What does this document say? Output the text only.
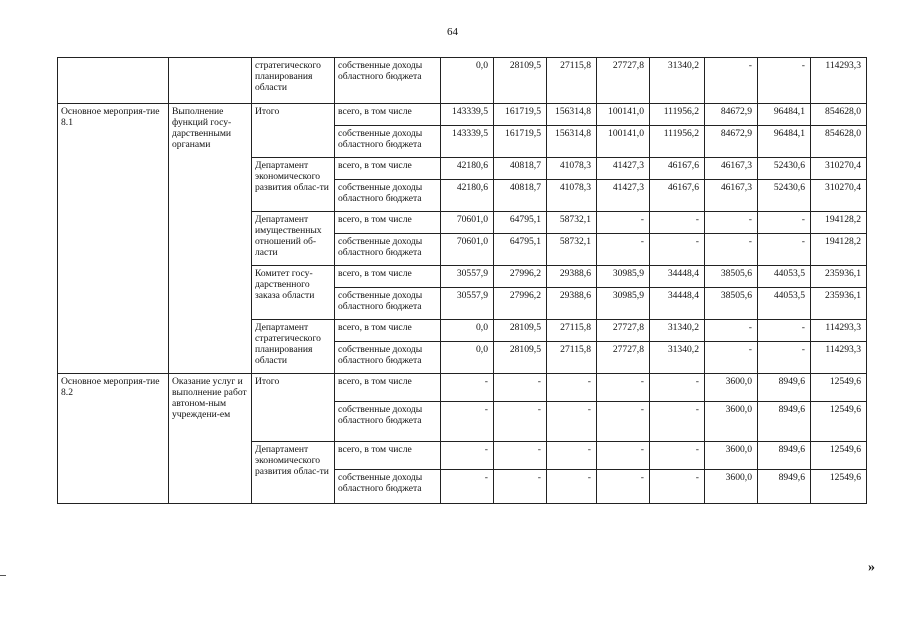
64
		стратегического планирования области	собственные доходы областного бюджета	0,0	28109,5	27115,8	27727,8	31340,2	-	-	114293,3
Основное мероприя-тие 8.1	Выполнение функций госу-дарственными органами	Итого	всего, в том числе	143339,5	161719,5	156314,8	100141,0	111956,2	84672,9	96484,1	854628,0
			собственные доходы областного бюджета	143339,5	161719,5	156314,8	100141,0	111956,2	84672,9	96484,1	854628,0
		Департамент экономического развития облас-ти	всего, в том числе	42180,6	40818,7	41078,3	41427,3	46167,6	46167,3	52430,6	310270,4
			собственные доходы областного бюджета	42180,6	40818,7	41078,3	41427,3	46167,6	46167,3	52430,6	310270,4
		Департамент имущественных отношений об-ласти	всего, в том числе	70601,0	64795,1	58732,1	-	-	-	-	194128,2
			собственные доходы областного бюджета	70601,0	64795,1	58732,1	-	-	-	-	194128,2
		Комитет госу-дарственного заказа области	всего, в том числе	30557,9	27996,2	29388,6	30985,9	34448,4	38505,6	44053,5	235936,1
			собственные доходы областного бюджета	30557,9	27996,2	29388,6	30985,9	34448,4	38505,6	44053,5	235936,1
		Департамент стратегического планирования области	всего, в том числе	0,0	28109,5	27115,8	27727,8	31340,2	-	-	114293,3
			собственные доходы областного бюджета	0,0	28109,5	27115,8	27727,8	31340,2	-	-	114293,3
Основное мероприя-тие 8.2	Оказание услуг и выполнение работ автоном-ным учреждени-ем	Итого	всего, в том числе	-	-	-	-	-	3600,0	8949,6	12549,6
			собственные доходы областного бюджета	-	-	-	-	-	3600,0	8949,6	12549,6
		Департамент экономического развития облас-ти	всего, в том числе	-	-	-	-	-	3600,0	8949,6	12549,6
			собственные доходы областного бюджета	-	-	-	-	-	3600,0	8949,6	12549,6
»
